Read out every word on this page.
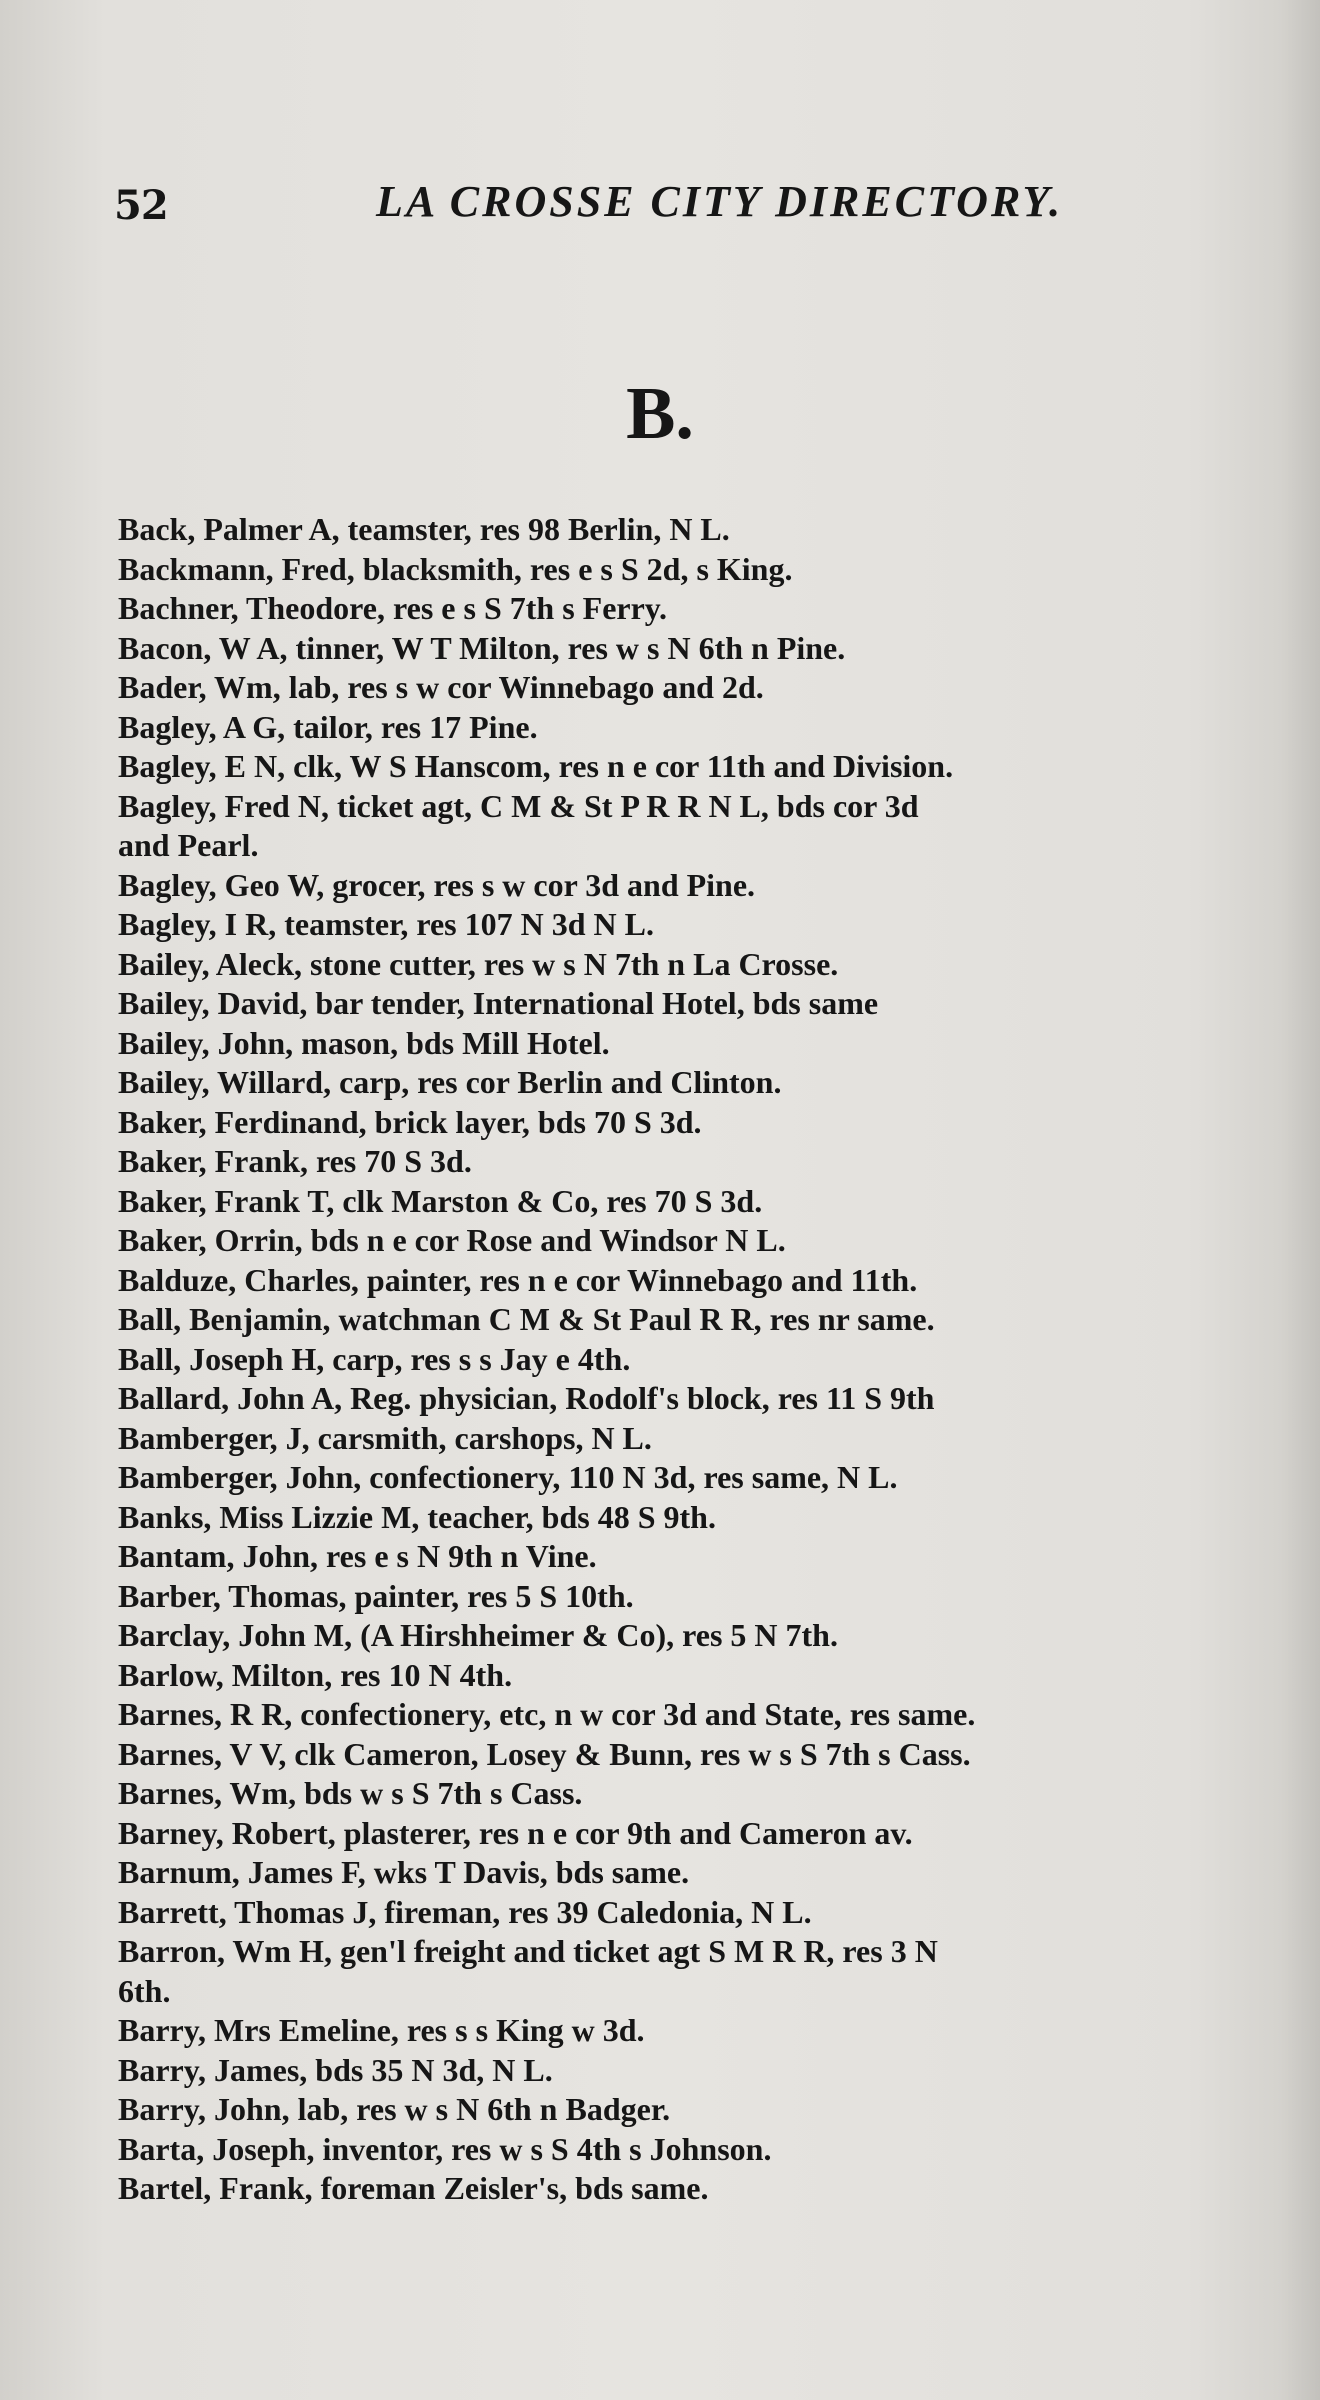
52	LA CROSSE CITY DIRECTORY.
B.
Back, Palmer A, teamster, res 98 Berlin, N L.
Backmann, Fred, blacksmith, res e s S 2d, s King.
Bachner, Theodore, res e s S 7th s Ferry.
Bacon, W A, tinner, W T Milton, res w s N 6th n Pine.
Bader, Wm, lab, res s w cor Winnebago and 2d.
Bagley, A G, tailor, res 17 Pine.
Bagley, E N, clk, W S Hanscom, res n e cor 11th and Division.
Bagley, Fred N, ticket agt, C M & St P R R N L, bds cor 3d
and Pearl.
Bagley, Geo W, grocer, res s w cor 3d and Pine.
Bagley, I R, teamster, res 107 N 3d N L.
Bailey, Aleck, stone cutter, res w s N 7th n La Crosse.
Bailey, David, bar tender, International Hotel, bds same
Bailey, John, mason, bds Mill Hotel.
Bailey, Willard, carp, res cor Berlin and Clinton.
Baker, Ferdinand, brick layer, bds 70 S 3d.
Baker, Frank, res 70 S 3d.
Baker, Frank T, clk Marston & Co, res 70 S 3d.
Baker, Orrin, bds n e cor Rose and Windsor N L.
Balduze, Charles, painter, res n e cor Winnebago and 11th.
Ball, Benjamin, watchman C M & St Paul R R, res nr same.
Ball, Joseph H, carp, res s s Jay e 4th.
Ballard, John A, Reg. physician, Rodolf's block, res 11 S 9th
Bamberger, J, carsmith, carshops, N L.
Bamberger, John, confectionery, 110 N 3d, res same, N L.
Banks, Miss Lizzie M, teacher, bds 48 S 9th.
Bantam, John, res e s N 9th n Vine.
Barber, Thomas, painter, res 5 S 10th.
Barclay, John M, (A Hirshheimer & Co), res 5 N 7th.
Barlow, Milton, res 10 N 4th.
Barnes, R R, confectionery, etc, n w cor 3d and State, res same.
Barnes, V V, clk Cameron, Losey & Bunn, res w s S 7th s Cass.
Barnes, Wm, bds w s S 7th s Cass.
Barney, Robert, plasterer, res n e cor 9th and Cameron av.
Barnum, James F, wks T Davis, bds same.
Barrett, Thomas J, fireman, res 39 Caledonia, N L.
Barron, Wm H, gen'l freight and ticket agt S M R R, res 3 N
6th.
Barry, Mrs Emeline, res s s King w 3d.
Barry, James, bds 35 N 3d, N L.
Barry, John, lab, res w s N 6th n Badger.
Barta, Joseph, inventor, res w s S 4th s Johnson.
Bartel, Frank, foreman Zeisler's, bds same.
